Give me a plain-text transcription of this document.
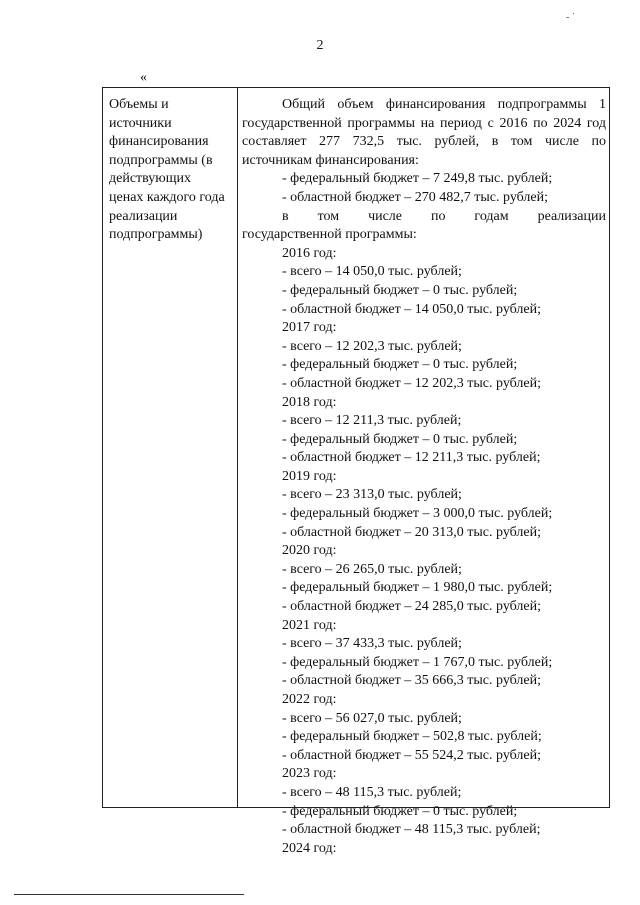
- ˙
2
«
Объемы и
источники
финансирования
подпрограммы (в
действующих
ценах каждого года
реализации
подпрограммы)

Общий объем финансирования подпрограммы 1 государственной программы на период с 2016 по 2024 год составляет 277 732,5 тыс. рублей, в том числе по источникам финансирования:

- федеральный бюджет – 7 249,8 тыс. рублей;
- областной бюджет – 270 482,7 тыс. рублей;
в том числе по годам реализации
государственной программы:
2016 год:
- всего – 14 050,0 тыс. рублей;
- федеральный бюджет – 0 тыс. рублей;
- областной бюджет – 14 050,0 тыс. рублей;
2017 год:
- всего – 12 202,3 тыс. рублей;
- федеральный бюджет – 0 тыс. рублей;
- областной бюджет – 12 202,3 тыс. рублей;
2018 год:
- всего – 12 211,3 тыс. рублей;
- федеральный бюджет – 0 тыс. рублей;
- областной бюджет – 12 211,3 тыс. рублей;
2019 год:
- всего – 23 313,0 тыс. рублей;
- федеральный бюджет – 3 000,0 тыс. рублей;
- областной бюджет – 20 313,0 тыс. рублей;
2020 год:
- всего – 26 265,0 тыс. рублей;
- федеральный бюджет – 1 980,0 тыс. рублей;
- областной бюджет – 24 285,0 тыс. рублей;
2021 год:
- всего – 37 433,3 тыс. рублей;
- федеральный бюджет – 1 767,0 тыс. рублей;
- областной бюджет – 35 666,3 тыс. рублей;
2022 год:
- всего – 56 027,0 тыс. рублей;
- федеральный бюджет – 502,8 тыс. рублей;
- областной бюджет – 55 524,2 тыс. рублей;
2023 год:
- всего – 48 115,3 тыс. рублей;
- федеральный бюджет – 0 тыс. рублей;
- областной бюджет – 48 115,3 тыс. рублей;
2024 год:
